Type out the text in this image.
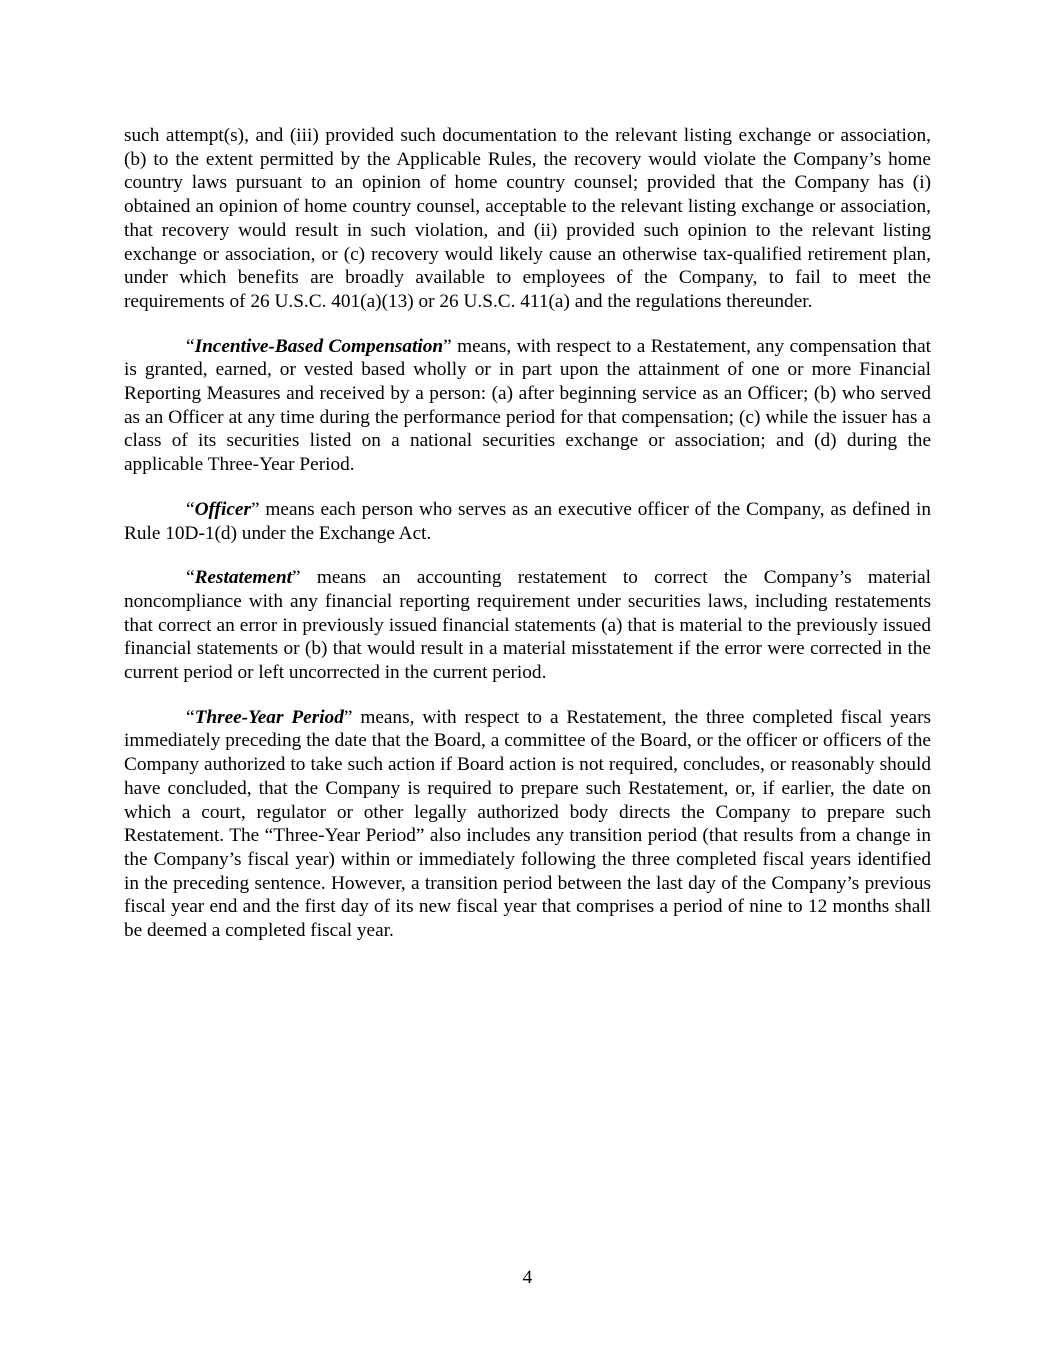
such attempt(s), and (iii) provided such documentation to the relevant listing exchange or association, (b) to the extent permitted by the Applicable Rules, the recovery would violate the Company’s home country laws pursuant to an opinion of home country counsel; provided that the Company has (i) obtained an opinion of home country counsel, acceptable to the relevant listing exchange or association, that recovery would result in such violation, and (ii) provided such opinion to the relevant listing exchange or association, or (c) recovery would likely cause an otherwise tax-qualified retirement plan, under which benefits are broadly available to employees of the Company, to fail to meet the requirements of 26 U.S.C. 401(a)(13) or 26 U.S.C. 411(a) and the regulations thereunder.

“Incentive-Based Compensation” means, with respect to a Restatement, any compensation that is granted, earned, or vested based wholly or in part upon the attainment of one or more Financial Reporting Measures and received by a person: (a) after beginning service as an Officer; (b) who served as an Officer at any time during the performance period for that compensation; (c) while the issuer has a class of its securities listed on a national securities exchange or association; and (d) during the applicable Three-Year Period.

“Officer” means each person who serves as an executive officer of the Company, as defined in Rule 10D-1(d) under the Exchange Act.

“Restatement” means an accounting restatement to correct the Company’s material noncompliance with any financial reporting requirement under securities laws, including restatements that correct an error in previously issued financial statements (a) that is material to the previously issued financial statements or (b) that would result in a material misstatement if the error were corrected in the current period or left uncorrected in the current period.

“Three-Year Period” means, with respect to a Restatement, the three completed fiscal years immediately preceding the date that the Board, a committee of the Board, or the officer or officers of the Company authorized to take such action if Board action is not required, concludes, or reasonably should have concluded, that the Company is required to prepare such Restatement, or, if earlier, the date on which a court, regulator or other legally authorized body directs the Company to prepare such Restatement. The “Three-Year Period” also includes any transition period (that results from a change in the Company’s fiscal year) within or immediately following the three completed fiscal years identified in the preceding sentence. However, a transition period between the last day of the Company’s previous fiscal year end and the first day of its new fiscal year that comprises a period of nine to 12 months shall be deemed a completed fiscal year.

4
